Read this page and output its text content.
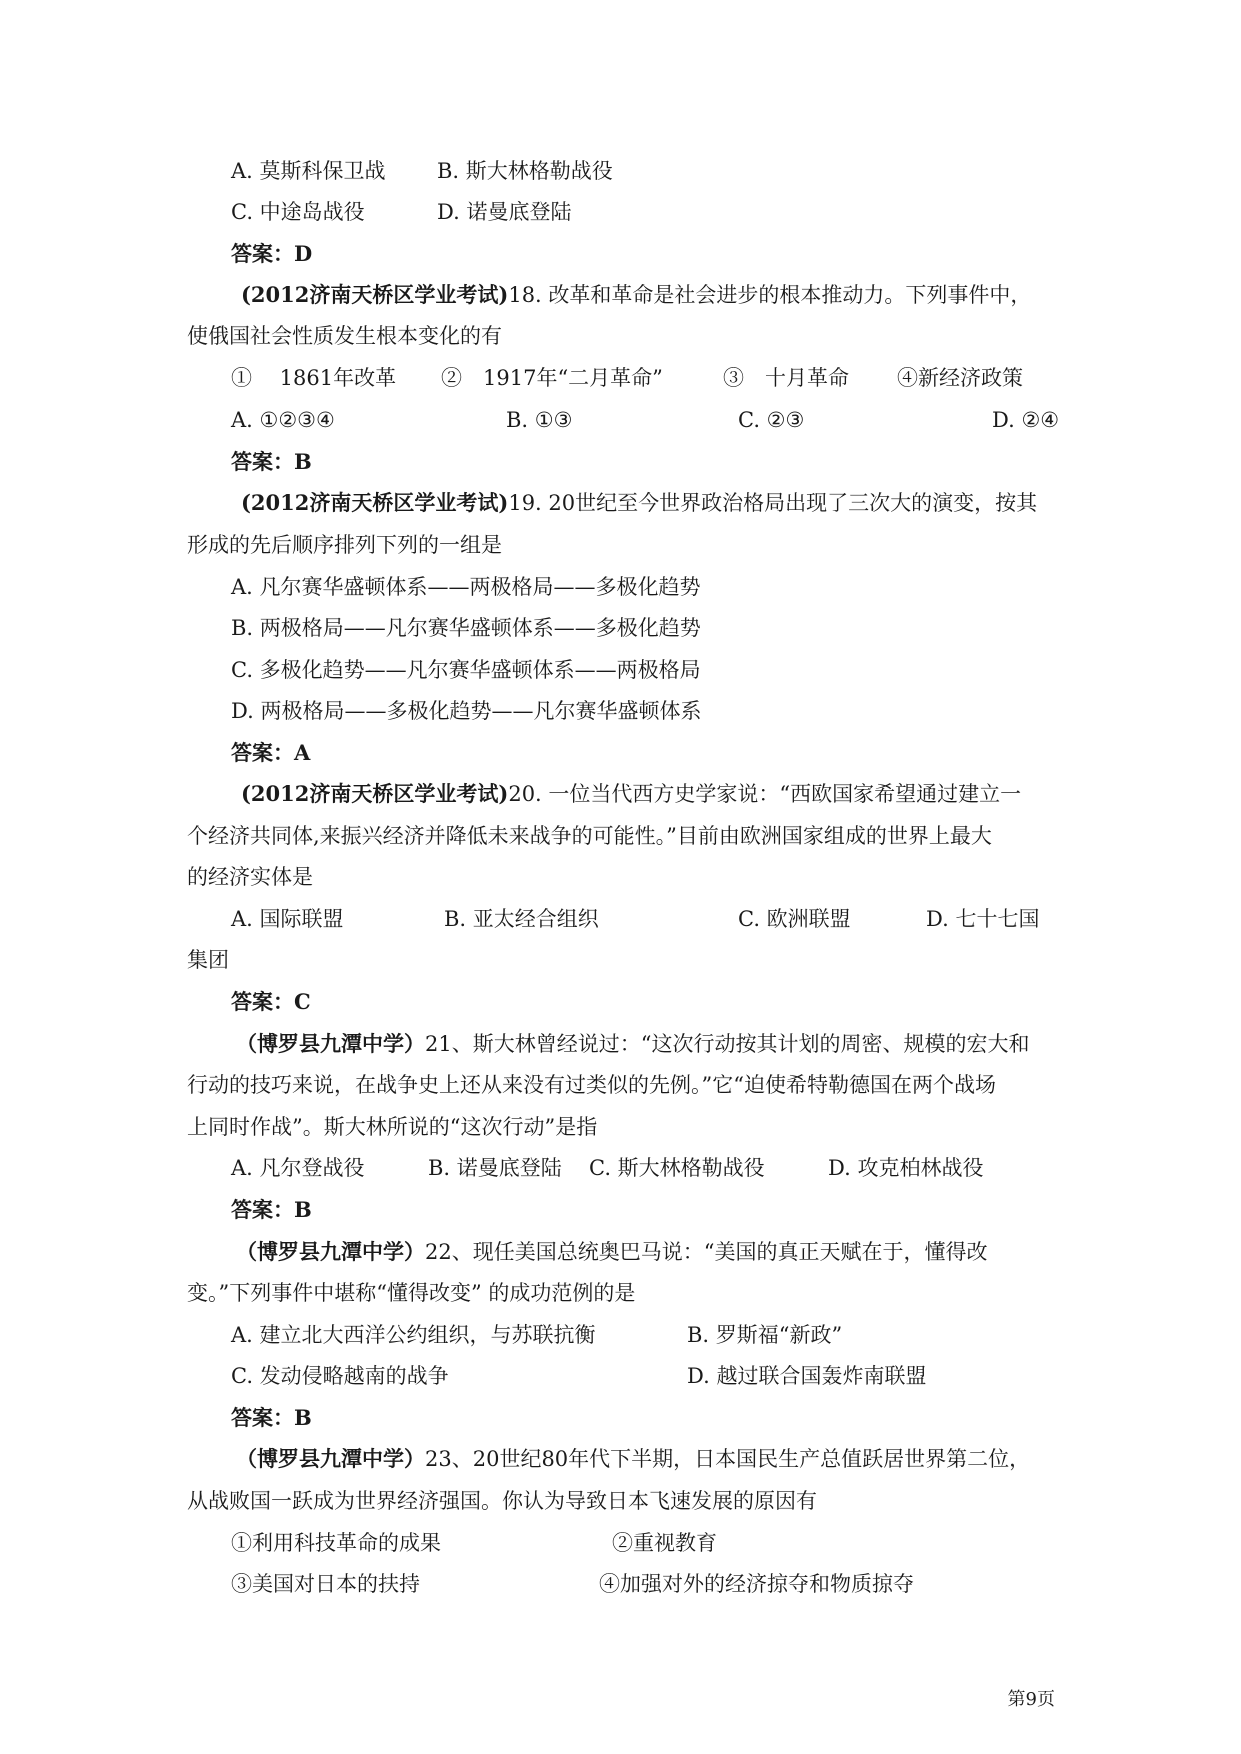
A. 莫斯科保卫战 B. 斯大林格勒战役
C. 中途岛战役	D. 诺曼底登陆
答案：D
(2012济南天桥区学业考试)18. 改革和革命是社会进步的根本推动力。下列事件中，
使俄国社会性质发生根本变化的有
①　 1861年改革 ②　1917年“二月革命”	③　十月革命 ④新经济政策
A. ①②③④	B. ①③	C. ②③	D. ②④
答案：B
(2012济南天桥区学业考试)19. 20世纪至今世界政治格局出现了三次大的演变，按其
形成的先后顺序排列下列的一组是
A. 凡尔赛华盛顿体系——两极格局——多极化趋势
B. 两极格局——凡尔赛华盛顿体系——多极化趋势
C. 多极化趋势——凡尔赛华盛顿体系——两极格局
D. 两极格局——多极化趋势——凡尔赛华盛顿体系
答案：A
(2012济南天桥区学业考试)20. 一位当代西方史学家说：“西欧国家希望通过建立一
个经济共同体,来振兴经济并降低未来战争的可能性。”目前由欧洲国家组成的世界上最大
的经济实体是
A. 国际联盟	B. 亚太经合组织	C. 欧洲联盟	D. 七十七国
集团
答案：C
（博罗县九潭中学）21、斯大林曾经说过：“这次行动按其计划的周密、规模的宏大和
行动的技巧来说，在战争史上还从来没有过类似的先例。”它“迫使希特勒德国在两个战场
上同时作战”。斯大林所说的“这次行动”是指
A. 凡尔登战役	B. 诺曼底登陆 C. 斯大林格勒战役	D. 攻克柏林战役
答案：B
（博罗县九潭中学）22、现任美国总统奥巴马说：“美国的真正天赋在于，懂得改
变。”下列事件中堪称“懂得改变” 的成功范例的是
A. 建立北大西洋公约组织，与苏联抗衡	B. 罗斯福“新政”
C. 发动侵略越南的战争	D. 越过联合国轰炸南联盟
答案：B
（博罗县九潭中学）23、20世纪80年代下半期，日本国民生产总值跃居世界第二位，
从战败国一跃成为世界经济强国。你认为导致日本飞速发展的原因有
①利用科技革命的成果	②重视教育
③美国对日本的扶持	④加强对外的经济掠夺和物质掠夺
第9页
